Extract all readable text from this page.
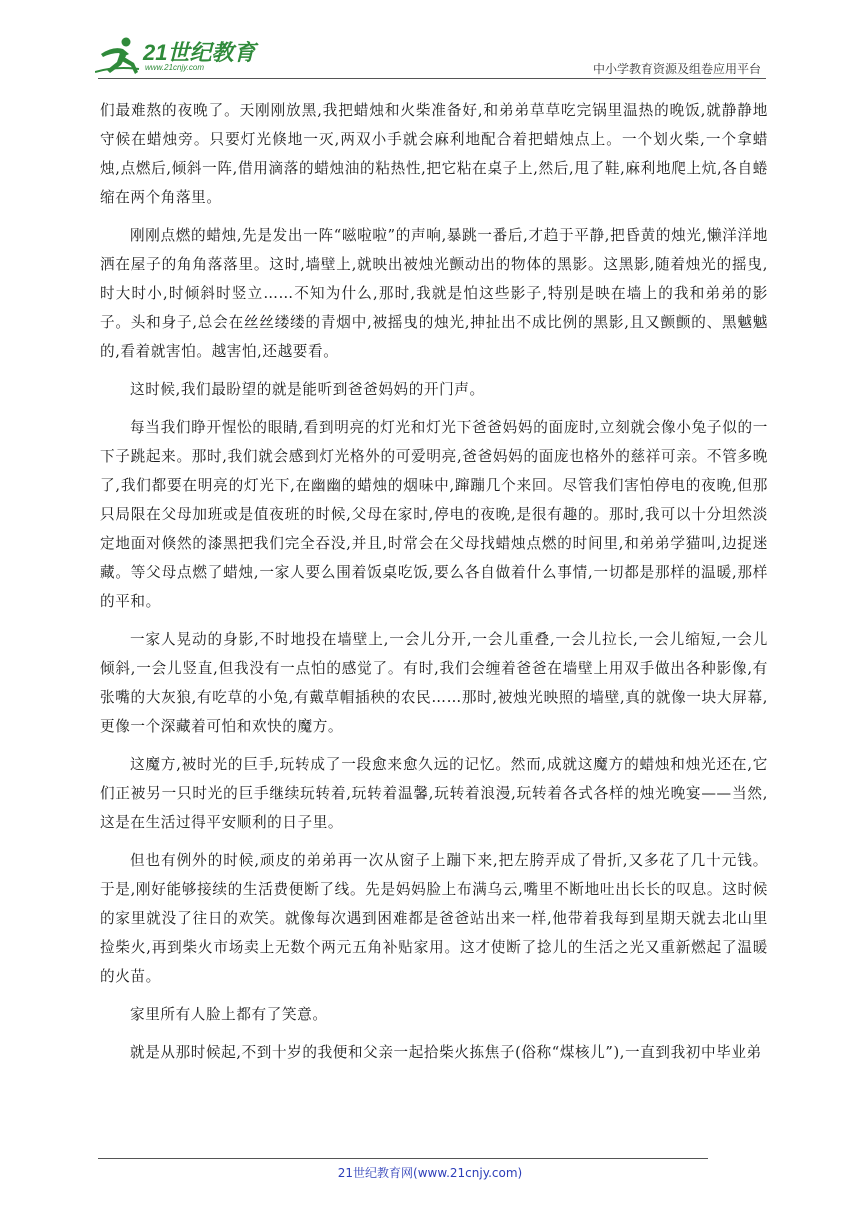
21世纪教育
www.21cnjy.com	中小学教育资源及组卷应用平台

们最难熬的夜晚了。天刚刚放黑,我把蜡烛和火柴准备好,和弟弟草草吃完锅里温热的晚饭,就静静地守候在蜡烛旁。只要灯光倏地一灭,两双小手就会麻利地配合着把蜡烛点上。一个划火柴,一个拿蜡烛,点燃后,倾斜一阵,借用滴落的蜡烛油的粘热性,把它粘在桌子上,然后,甩了鞋,麻利地爬上炕,各自蜷缩在两个角落里。

刚刚点燃的蜡烛,先是发出一阵“嗞啦啦”的声响,暴跳一番后,才趋于平静,把昏黄的烛光,懒洋洋地洒在屋子的角角落落里。这时,墙壁上,就映出被烛光颤动出的物体的黑影。这黑影,随着烛光的摇曳,时大时小,时倾斜时竖立……不知为什么,那时,我就是怕这些影子,特别是映在墙上的我和弟弟的影子。头和身子,总会在丝丝缕缕的青烟中,被摇曳的烛光,抻扯出不成比例的黑影,且又颤颤的、黑魆魆的,看着就害怕。越害怕,还越要看。

这时候,我们最盼望的就是能听到爸爸妈妈的开门声。

每当我们睁开惺忪的眼睛,看到明亮的灯光和灯光下爸爸妈妈的面庞时,立刻就会像小兔子似的一下子跳起来。那时,我们就会感到灯光格外的可爱明亮,爸爸妈妈的面庞也格外的慈祥可亲。不管多晚了,我们都要在明亮的灯光下,在幽幽的蜡烛的烟味中,蹿蹦几个来回。尽管我们害怕停电的夜晚,但那只局限在父母加班或是值夜班的时候,父母在家时,停电的夜晚,是很有趣的。那时,我可以十分坦然淡定地面对倏然的漆黑把我们完全吞没,并且,时常会在父母找蜡烛点燃的时间里,和弟弟学猫叫,边捉迷藏。等父母点燃了蜡烛,一家人要么围着饭桌吃饭,要么各自做着什么事情,一切都是那样的温暖,那样的平和。

一家人晃动的身影,不时地投在墙壁上,一会儿分开,一会儿重叠,一会儿拉长,一会儿缩短,一会儿倾斜,一会儿竖直,但我没有一点怕的感觉了。有时,我们会缠着爸爸在墙壁上用双手做出各种影像,有张嘴的大灰狼,有吃草的小兔,有戴草帽插秧的农民……那时,被烛光映照的墙壁,真的就像一块大屏幕,更像一个深藏着可怕和欢快的魔方。

这魔方,被时光的巨手,玩转成了一段愈来愈久远的记忆。然而,成就这魔方的蜡烛和烛光还在,它们正被另一只时光的巨手继续玩转着,玩转着温馨,玩转着浪漫,玩转着各式各样的烛光晚宴——当然,这是在生活过得平安顺利的日子里。

但也有例外的时候,顽皮的弟弟再一次从窗子上蹦下来,把左胯弄成了骨折,又多花了几十元钱。于是,刚好能够接续的生活费便断了线。先是妈妈脸上布满乌云,嘴里不断地吐出长长的叹息。这时候的家里就没了往日的欢笑。就像每次遇到困难都是爸爸站出来一样,他带着我每到星期天就去北山里捡柴火,再到柴火市场卖上无数个两元五角补贴家用。这才使断了捻儿的生活之光又重新燃起了温暖的火苗。

家里所有人脸上都有了笑意。

就是从那时候起,不到十岁的我便和父亲一起拾柴火拣焦子(俗称“煤核儿”),一直到我初中毕业弟

21世纪教育网(www.21cnjy.com)
